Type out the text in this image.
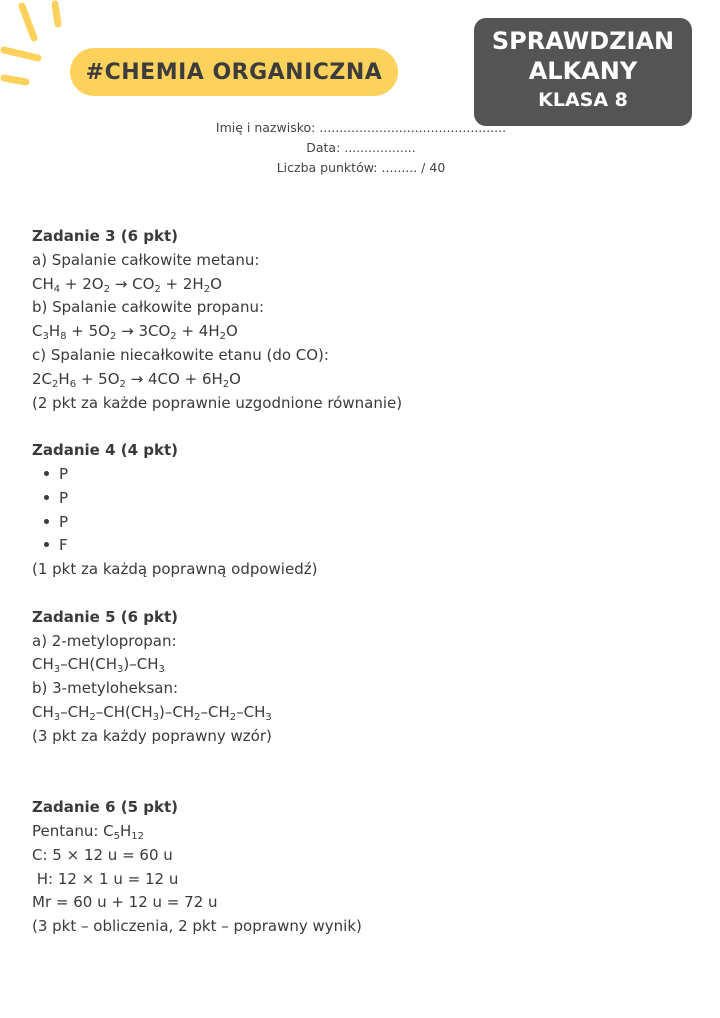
#CHEMIA ORGANICZNA
SPRAWDZIAN
ALKANY
KLASA 8
Imię i nazwisko: ...............................................
Data: ..................
Liczba punktów: ......... / 40
Zadanie 3 (6 pkt)
a) Spalanie całkowite metanu:
$CH_4 + 2O_2 \to CO_2 + 2H_2O$
b) Spalanie całkowite propanu:
$C_3H_8 + 5O_2 \to 3CO_2 + 4H_2O$
c) Spalanie niecałkowite etanu (do CO):
$2C_2H_6 + 5O_2 \to 4CO + 6H_2O$
(2 pkt za każde poprawnie uzgodnione równanie)
Zadanie 4 (4 pkt)
P
P
P
F
(1 pkt za każdą poprawną odpowiedź)
Zadanie 5 (6 pkt)
a) 2-metylopropan:
$CH_3-CH(CH_3)-CH_3$
b) 3-metyloheksan:
$CH_3-CH_2-CH(CH_3)-CH_2-CH_2-CH_3$
(3 pkt za każdy poprawny wzór)
Zadanie 6 (5 pkt)
Pentanu: $C_5H_{12}$
C: 5 × 12 u = 60 u
H: 12 × 1 u = 12 u
Mr = 60 u + 12 u = 72 u
(3 pkt – obliczenia, 2 pkt – poprawny wynik)
